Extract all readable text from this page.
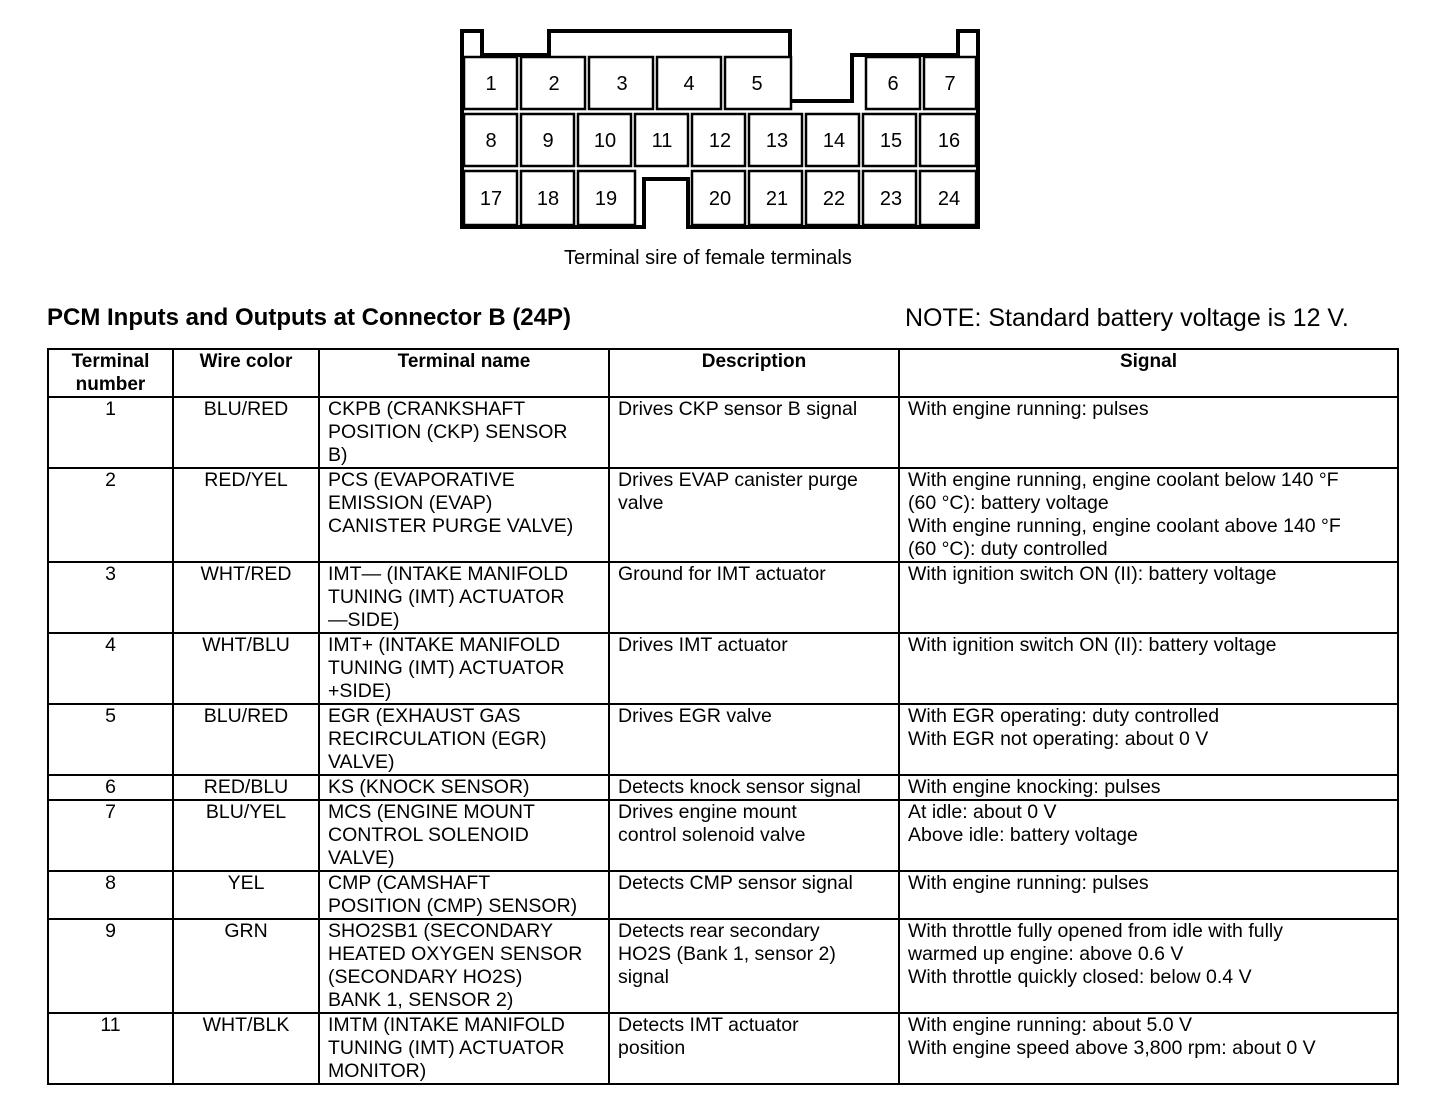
1	2	3	4	5	6 7
8 9 10 11 12 13 14 15 16
17 18 19	20 21 22 23 24
Terminal sire of female terminals
PCM Inputs and Outputs at Connector B (24P)	NOTE: Standard battery voltage is 12 V.
Terminal
number	Wire color	Terminal name	Description	Signal
1	BLU/RED	CKPB (CRANKSHAFT
POSITION (CKP) SENSOR
B)	Drives CKP sensor B signal	With engine running: pulses

2	RED/YEL	PCS (EVAPORATIVE
EMISSION (EVAP)
CANISTER PURGE VALVE)	Drives EVAP canister purge
valve	With engine running, engine coolant below 140 °F
(60 °C): battery voltage
With engine running, engine coolant above 140 °F
(60 °C): duty controlled

3	WHT/RED	IMT— (INTAKE MANIFOLD
TUNING (IMT) ACTUATOR
—SIDE)	Ground for IMT actuator	With ignition switch ON (II): battery voltage

4	WHT/BLU	IMT+ (INTAKE MANIFOLD
TUNING (IMT) ACTUATOR
+SIDE)	Drives IMT actuator	With ignition switch ON (II): battery voltage

5	BLU/RED	EGR (EXHAUST GAS
RECIRCULATION (EGR)
VALVE)	Drives EGR valve	With EGR operating: duty controlled
With EGR not operating: about 0 V

6	RED/BLU	KS (KNOCK SENSOR)	Detects knock sensor signal	With engine knocking: pulses

7	BLU/YEL	MCS (ENGINE MOUNT
CONTROL SOLENOID
VALVE)	Drives engine mount
control solenoid valve	At idle: about 0 V
Above idle: battery voltage

8	YEL	CMP (CAMSHAFT
POSITION (CMP) SENSOR)	Detects CMP sensor signal	With engine running: pulses

9	GRN	SHO2SB1 (SECONDARY
HEATED OXYGEN SENSOR
(SECONDARY HO2S)
BANK 1, SENSOR 2)	Detects rear secondary
HO2S (Bank 1, sensor 2)
signal	With throttle fully opened from idle with fully
warmed up engine: above 0.6 V
With throttle quickly closed: below 0.4 V

11	WHT/BLK	IMTM (INTAKE MANIFOLD
TUNING (IMT) ACTUATOR
MONITOR)	Detects IMT actuator
position	With engine running: about 5.0 V
With engine speed above 3,800 rpm: about 0 V
